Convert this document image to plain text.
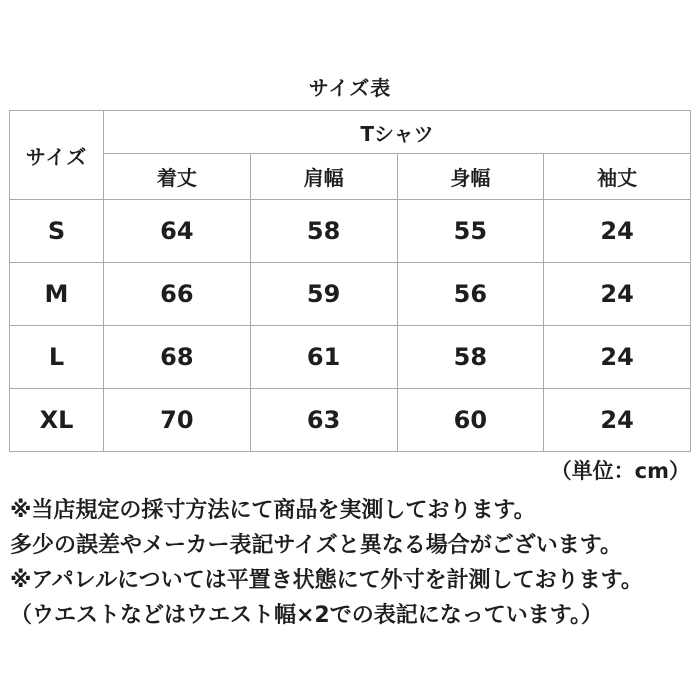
サイズ表
サイズ	Tシャツ			
	着丈	肩幅	身幅	袖丈
S	64	58	55	24
M	66	59	56	24
L	68	61	58	24
XL	70	63	60	24
（単位：cm）

※当店規定の採寸方法にて商品を実測しております。

多少の誤差やメーカー表記サイズと異なる場合がございます。

※アパレルについては平置き状態にて外寸を計測しております。

（ウエストなどはウエスト幅×2での表記になっています。）
